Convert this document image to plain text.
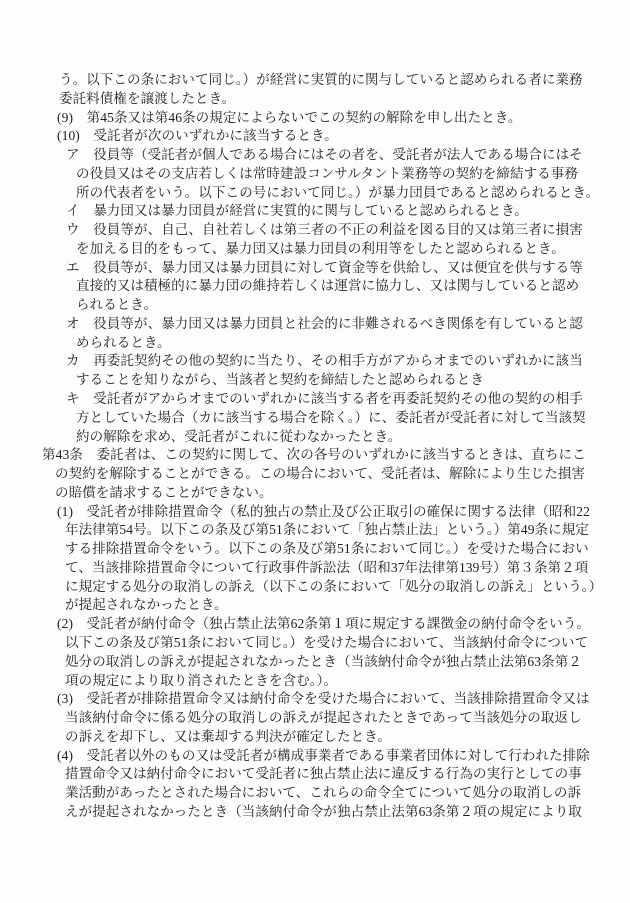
う。以下この条において同じ。）が経営に実質的に関与していると認められる者に業務
委託料債権を譲渡したとき。
(9)　第45条又は第46条の規定によらないでこの契約の解除を申し出たとき。
(10)　受託者が次のいずれかに該当するとき。
ア　役員等（受託者が個人である場合にはその者を、受託者が法人である場合にはそ
の役員又はその支店若しくは常時建設コンサルタント業務等の契約を締結する事務
所の代表者をいう。以下この号において同じ。）が暴力団員であると認められるとき。
イ　暴力団又は暴力団員が経営に実質的に関与していると認められるとき。
ウ　役員等が、自己、自社若しくは第三者の不正の利益を図る目的又は第三者に損害
を加える目的をもって、暴力団又は暴力団員の利用等をしたと認められるとき。
エ　役員等が、暴力団又は暴力団員に対して資金等を供給し、又は便宜を供与する等
直接的又は積極的に暴力団の維持若しくは運営に協力し、又は関与していると認め
られるとき。
オ　役員等が、暴力団又は暴力団員と社会的に非難されるべき関係を有していると認
められるとき。
カ　再委託契約その他の契約に当たり、その相手方がアからオまでのいずれかに該当
することを知りながら、当該者と契約を締結したと認められるとき
キ　受託者がアからオまでのいずれかに該当する者を再委託契約その他の契約の相手
方としていた場合（カに該当する場合を除く。）に、委託者が受託者に対して当該契
約の解除を求め、受託者がこれに従わなかったとき。
第43条　委託者は、この契約に関して、次の各号のいずれかに該当するときは、直ちにこ
の契約を解除することができる。この場合において、受託者は、解除により生じた損害
の賠償を請求することができない。
(1)　受託者が排除措置命令（私的独占の禁止及び公正取引の確保に関する法律（昭和22
年法律第54号。以下この条及び第51条において「独占禁止法」という。）第49条に規定
する排除措置命令をいう。以下この条及び第51条において同じ。）を受けた場合におい
て、当該排除措置命令について行政事件訴訟法（昭和37年法律第139号）第３条第２項
に規定する処分の取消しの訴え（以下この条において「処分の取消しの訴え」という。）
が提起されなかったとき。
(2)　受託者が納付命令（独占禁止法第62条第１項に規定する課徴金の納付命令をいう。
以下この条及び第51条において同じ。）を受けた場合において、当該納付命令について
処分の取消しの訴えが提起されなかったとき（当該納付命令が独占禁止法第63条第２
項の規定により取り消されたときを含む。）。
(3)　受託者が排除措置命令又は納付命令を受けた場合において、当該排除措置命令又は
当該納付命令に係る処分の取消しの訴えが提起されたときであって当該処分の取返し
の訴えを却下し、又は棄却する判決が確定したとき。
(4)　受託者以外のもの又は受託者が構成事業者である事業者団体に対して行われた排除
措置命令又は納付命令において受託者に独占禁止法に違反する行為の実行としての事
業活動があったとされた場合において、これらの命令全てについて処分の取消しの訴
えが提起されなかったとき（当該納付命令が独占禁止法第63条第２項の規定により取
